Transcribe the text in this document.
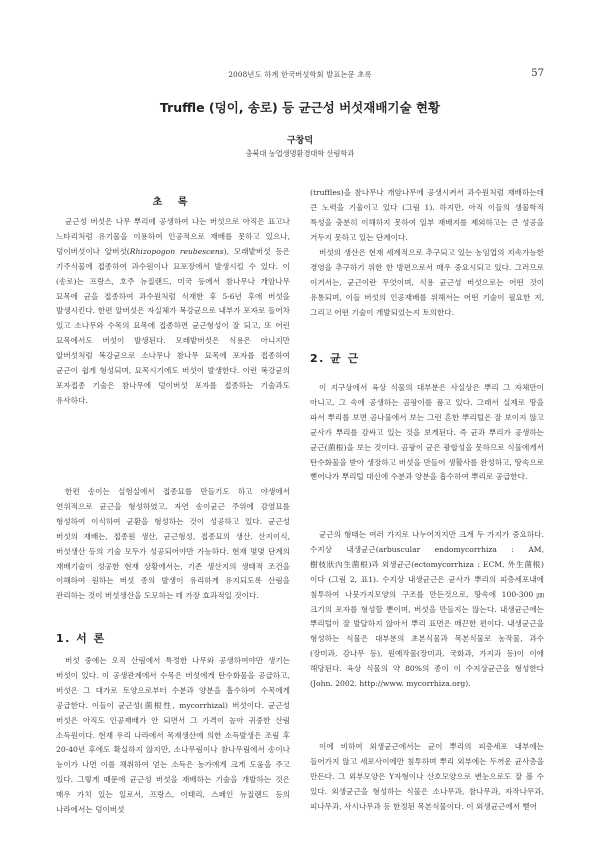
2008년도 하계 한국버섯학회 발표논문 초록	57
Truffle (덩이, 송로) 등 균근성 버섯재배기술 현황
구창덕
충북대 농업생명환경대학 산림학과
초 록
균근성 버섯은 나무 뿌리에 공생하여 나는 버섯으로 아직은 표고나 느타리처럼 유기물을 이용하여 인공적으로 재배를 못하고 있으나, 덩이버섯이나 알버섯(Rhizopogon reubescens), 모래밭버섯 등은 기주식물에 접종하여 과수원이나 묘포장에서 발생시킬 수 있다. 이(송로)는 프랑스, 호주 뉴질랜드, 미국 등에서 참나무나 개암나무 묘목에 균을 접종하여 과수원처럼 식재한 후 5-6년 후에 버섯을 발생시킨다. 한편 알버섯은 자실체가 복강균으로 내부가 포자로 들어차 있고 소나무와 수목의 묘목에 접종하면 균근형성이 잘 되고, 또 어린 묘목에서도 버섯이 발생된다. 모래밭버섯은 식용은 아니지만 알버섯처럼 복강균으로 소나무나 참나무 묘목에 포자를 접종하여 균근이 쉽게 형성되며, 묘목시기에도 버섯이 발생한다. 이런 복강균의 포자접종 기술은 참나무에 덩이버섯 포자를 접종하는 기술과도 유사하다.
한편 송이는 실험실에서 접종묘를 만들기도 하고 야생에서 연위적으로 균근을 형성하였고, 자연 송이균근 주위에 감염묘를 형성하여 이식하여 균환을 형성하는 것이 성공하고 있다. 균근성 버섯의 재배는, 접종원 생산, 균근형성, 접종묘의 생산, 산지이식, 버섯생산 등의 기술 모두가 성공되어야만 가능하다. 현재 몇몇 단계의 재배기술이 성공한 현재 상황에서는, 기존 생산지의 생태적 조건을 이해하여 원하는 버섯 종의 발생이 유리하게 유지되도록 산림을 관리하는 것이 버섯생산을 도모하는 데 가장 효과적일 것이다.
1. 서 론
버섯 중에는 오직 산림에서 특정한 나무와 공생하여야만 생기는 버섯이 있다. 이 공생관계에서 수목은 버섯에게 탄수화물을 공급하고, 버섯은 그 대가로 토양으로부터 수분과 양분을 흡수하여 수목에게 공급한다. 이들이 균근성(菌根性, mycorrhizal) 버섯이다. 균근성 버섯은 아직도 인공재배가 안 되면서 그 가격이 높아 귀중한 산림 소득원이다. 현재 우리 나라에서 목재생산에 의한 소득발생은 조림 후 20-40년 후에도 확실하지 않지만, 소나무림이나 참나무림에서 송이나 능이가 나면 이를 채취하여 얻는 소득은 농가에게 크게 도움을 주고 있다. 그렇게 때문에 균근성 버섯을 재배하는 기술을 개발하는 것은 매우 가치 있는 일로서, 프랑스, 이태리, 스페인 뉴질랜드 등의 나라에서는 덩이버섯
(truffles)을 참나무나 개암나무에 공생시켜서 과수원처럼 재배하는데 큰 노력을 기울이고 있다 (그림 1). 하지만, 아직 이들의 생물학적 특성을 충분히 이해하지 못하여 일부 재배지를 제외하고는 큰 성공을 거두지 못하고 있는 단계이다.
버섯의 생산은 현재 세계적으로 추구되고 있는 농임업의 지속가능한 경영을 추구하기 위한 한 방편으로서 매우 중요시되고 있다. 그러므로 이거서는, 균근이란 무엇이며, 식용 균근성 버섯으로는 어떤 것이 유통되며, 이들 버섯의 인공재배를 위해서는 어떤 기술이 필요한 지, 그리고 어떤 기술이 개발되었는지 토의한다.
2. 균 근
이 지구상에서 육상 식물의 대부분은 사실상은 뿌리 그 자체만이 아니고, 그 속에 공생하는 곰팡이를 품고 있다. 그래서 실제로 땅을 파서 뿌리를 보면 곰나물에서 보는 그런 흔한 뿌리털은 잘 보이지 않고 균사가 뿌리를 감싸고 있는 것을 보게된다. 즉 균과 뿌리가 공생하는 균근(菌根)을 보는 것이다. 곰팡이 균은 광합성을 못하므로 식물에게서 탄수화물을 받아 생장하고 버섯을 만들어 생활사를 완성하고, 땅속으로 뻗어나가 뿌리털 대신에 수분과 양분을 흡수하여 뿌리로 공급한다.
균근의 형태는 여러 가지로 나누어지지만 크게 두 가지가 중요하다. 수지상 내생균근(arbuscular endomycorrhiza : AM, 樹枝狀內生菌根)과 외생균근(ectomycorrhiza : ECM, 外生菌根)이다 (그림 2, 표1). 수지상 내생균근은 균사가 뿌리의 피층세포내에 침투하여 나뭇가지모양의 구조를 만든것으로, 땅속에 100-300㎛ 크기의 포자를 형성할 뿐이며, 버섯을 만들지는 않는다. 내생균근에는 뿌리털이 잘 발달하지 않아서 뿌리 표면은 매끈한 편이다. 내생균근을 형성하는 식물은 대부분의 초본식물과 목본식물로 농작물, 과수(장미과, 감나무 등), 원예작물(장미과, 국화과, 가지과 등)이 이에 해당된다. 육상 식물의 약 80%의 종이 이 수지상균근을 형성한다(John. 2002. http://www. mycorrhiza.org).
이에 비하여 외생균근에서는 균이 뿌리의 피층세포 내부에는 들어가지 않고 세포사이에만 침투하며 뿌리 외부에는 두꺼운 균사층을 만든다. 그 외부모양은 Y자형이나 산호모양으로 변눈으로도 잘 볼 수 있다. 외생균근을 형성하는 식물은 소나무과, 참나무과, 자작나무과, 피나무과, 사시나무과 등 한정된 목본식물이다. 이 외생균근에서 뻗어
